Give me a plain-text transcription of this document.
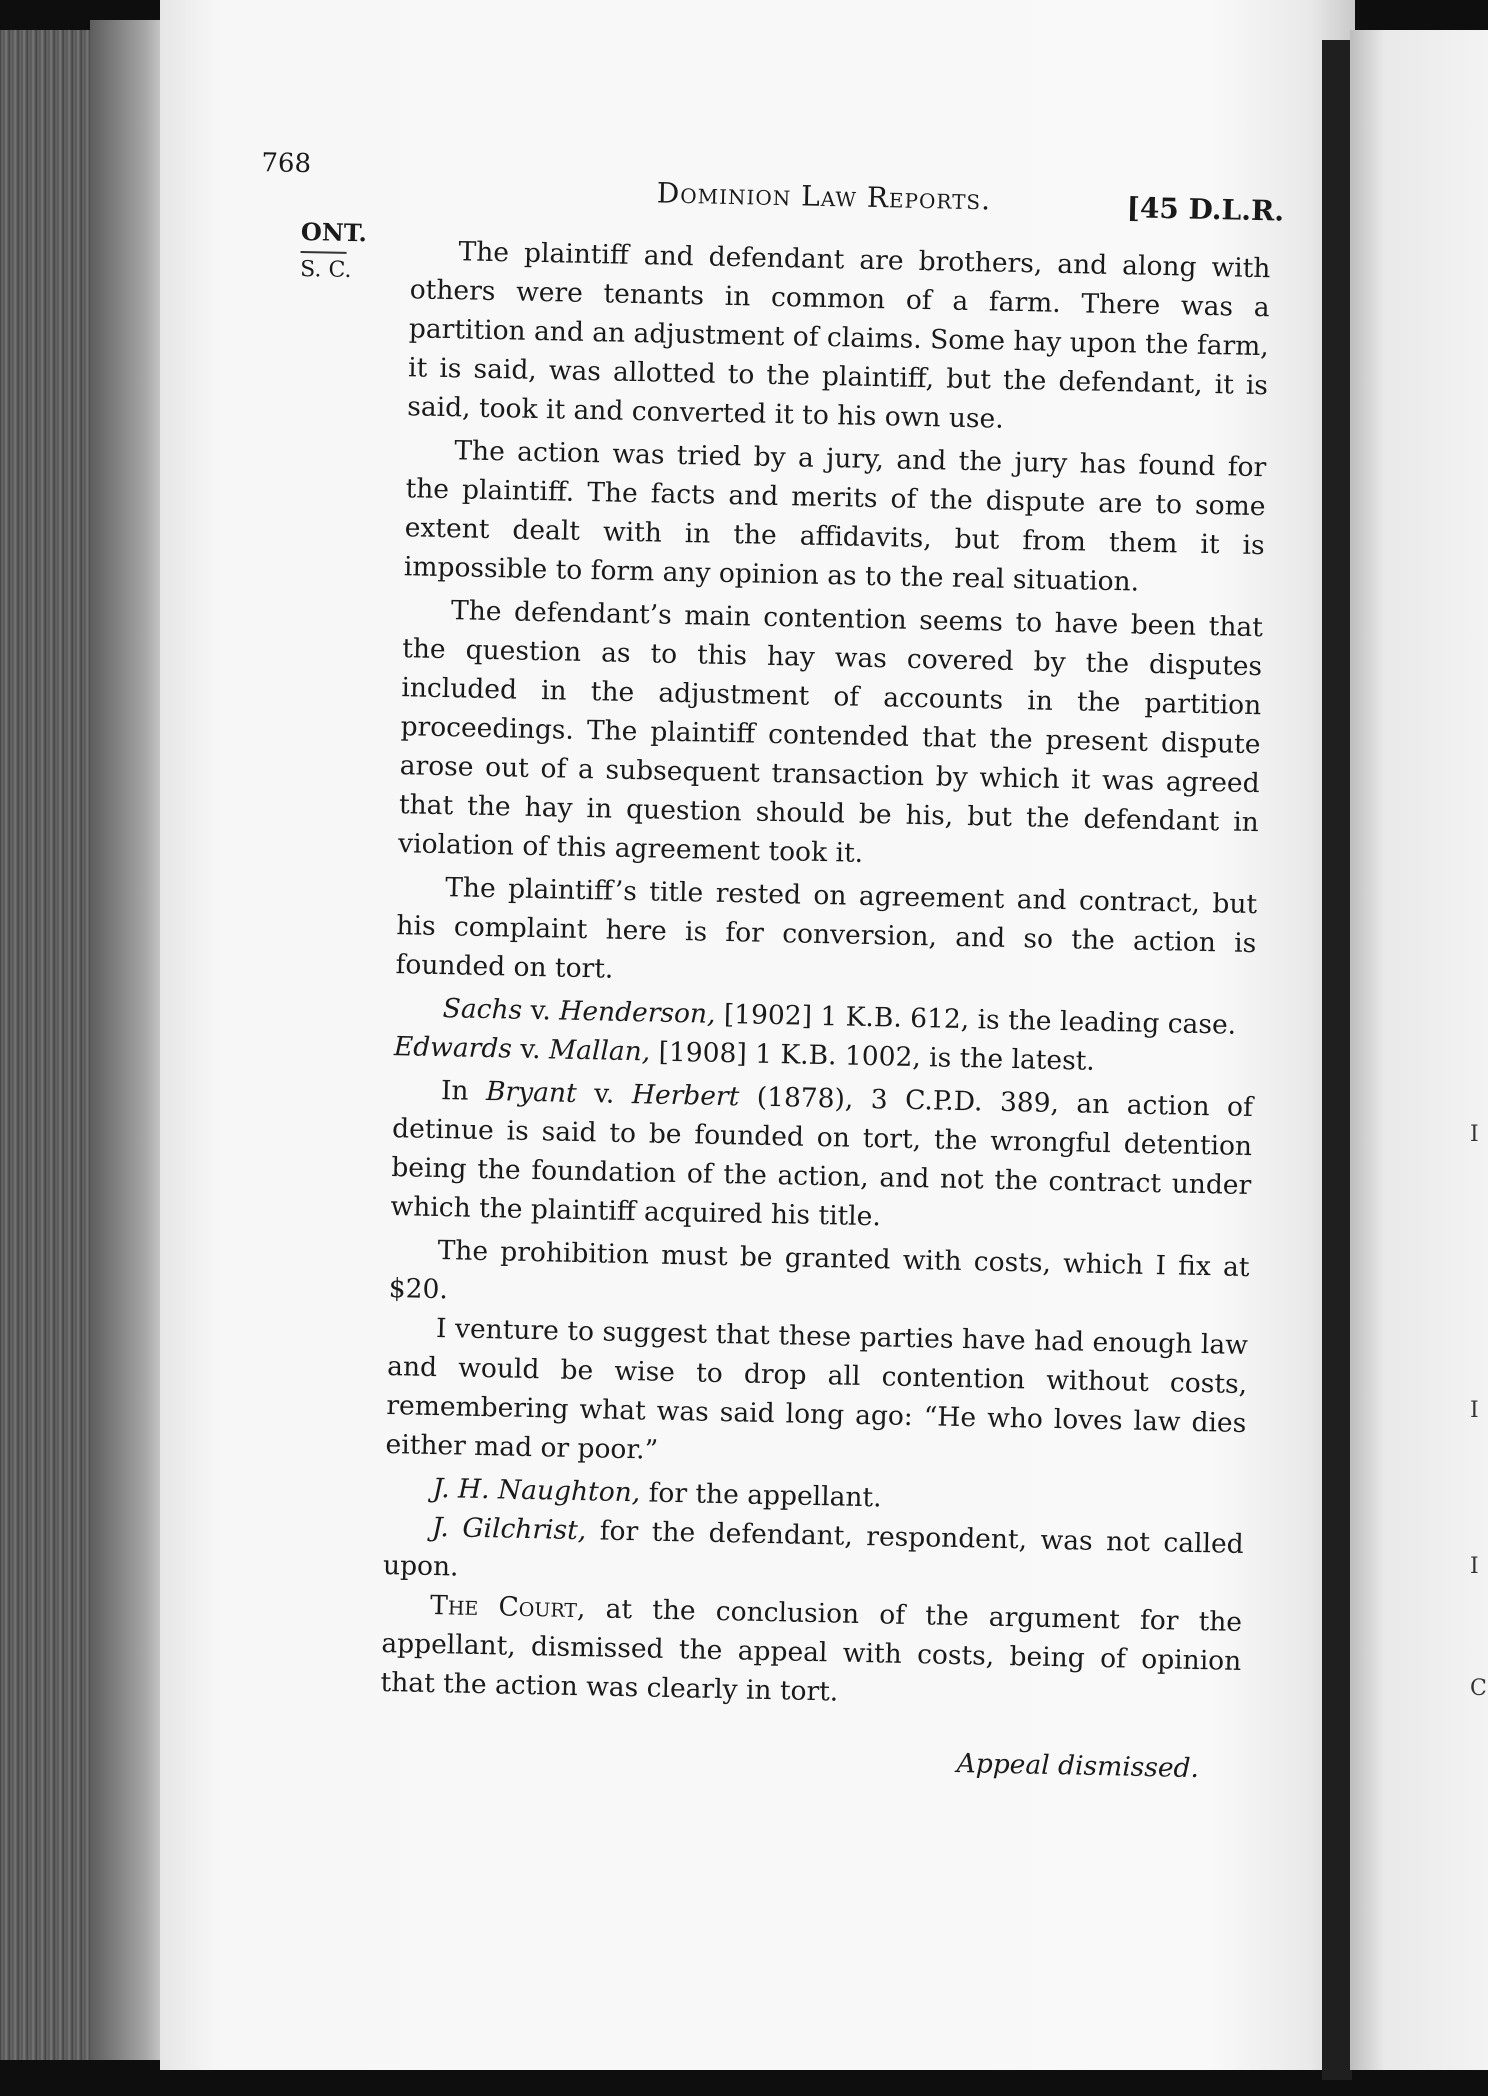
I
I
I
C
768
Dominion Law Reports.	[45 D.L.R.
ONT.
S. C.	The plaintiff and defendant are brothers, and along with others were tenants in common of a farm. There was a partition and an adjustment of claims. Some hay upon the farm, it is said, was allotted to the plaintiff, but the defendant, it is said, took it and converted it to his own use.

The action was tried by a jury, and the jury has found for the plaintiff. The facts and merits of the dispute are to some extent dealt with in the affidavits, but from them it is impossible to form any opinion as to the real situation.

The defendant’s main contention seems to have been that the question as to this hay was covered by the disputes included in the adjustment of accounts in the partition proceedings. The plaintiff contended that the present dispute arose out of a subsequent transaction by which it was agreed that the hay in question should be his, but the defendant in violation of this agreement took it.

The plaintiff’s title rested on agreement and contract, but his complaint here is for conversion, and so the action is founded on tort.

Sachs v. Henderson, [1902] 1 K.B. 612, is the leading case.

Edwards v. Mallan, [1908] 1 K.B. 1002, is the latest.

In Bryant v. Herbert (1878), 3 C.P.D. 389, an action of detinue is said to be founded on tort, the wrongful detention being the foundation of the action, and not the contract under which the plaintiff acquired his title.

The prohibition must be granted with costs, which I fix at $20.

I venture to suggest that these parties have had enough law and would be wise to drop all contention without costs, remembering what was said long ago: “He who loves law dies either mad or poor.”

J. H. Naughton, for the appellant.

J. Gilchrist, for the defendant, respondent, was not called upon.

The Court, at the conclusion of the argument for the appellant, dismissed the appeal with costs, being of opinion that the action was clearly in tort.

Appeal dismissed.
